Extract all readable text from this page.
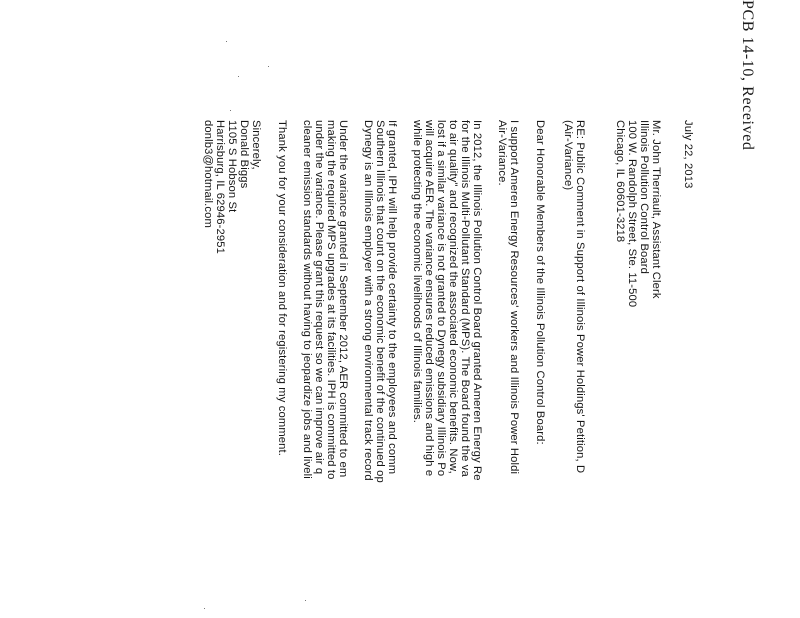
PCB 14-10, Received
July 22, 2013
Mr. John Therriault, Assistant Clerk
Illinois Pollution Control Board
100 W. Randolph Street, Ste. 11-500
Chicago, IL 60601-3218
RE: Public Comment in Support of Illinois Power Holdings' Petition, D
(Air-Variance)
Dear Honorable Members of the Illinois Pollution Control Board:
I support Ameren Energy Resources' workers and Illinois Power Holdi
Air-Variance.
In 2012, the Illinois Pollution Control Board granted Ameren Energy Re
for the Illinois Multi-Pollutant Standard (MPS). The Board found the va
to air quality" and recognized the associated economic benefits. Now,
lost if a similar variance is not granted to Dynegy subsidiary Illinois Po
will acquire AER. The variance ensures reduced emissions and high e
while protecting the economic livelihoods of Illinois families.
If granted, IPH will help provide certainty to the employees and comm
Southern Illinois that count on the economic benefit of the continued op
Dynegy is an Illinois employer with a strong environmental track record
Under the variance granted in September 2012, AER committed to em
making the required MPS upgrades at its facilities. IPH is committed to
under the variance. Please grant this request so we can improve air q
cleaner emission standards without having to jeopardize jobs and liveli
Thank you for your consideration and for registering my comment.
Sincerely,
Donald Biggs
1105 S Hobson St
Harrisburg, IL 62946-2951
donlb3@hotmail.com
